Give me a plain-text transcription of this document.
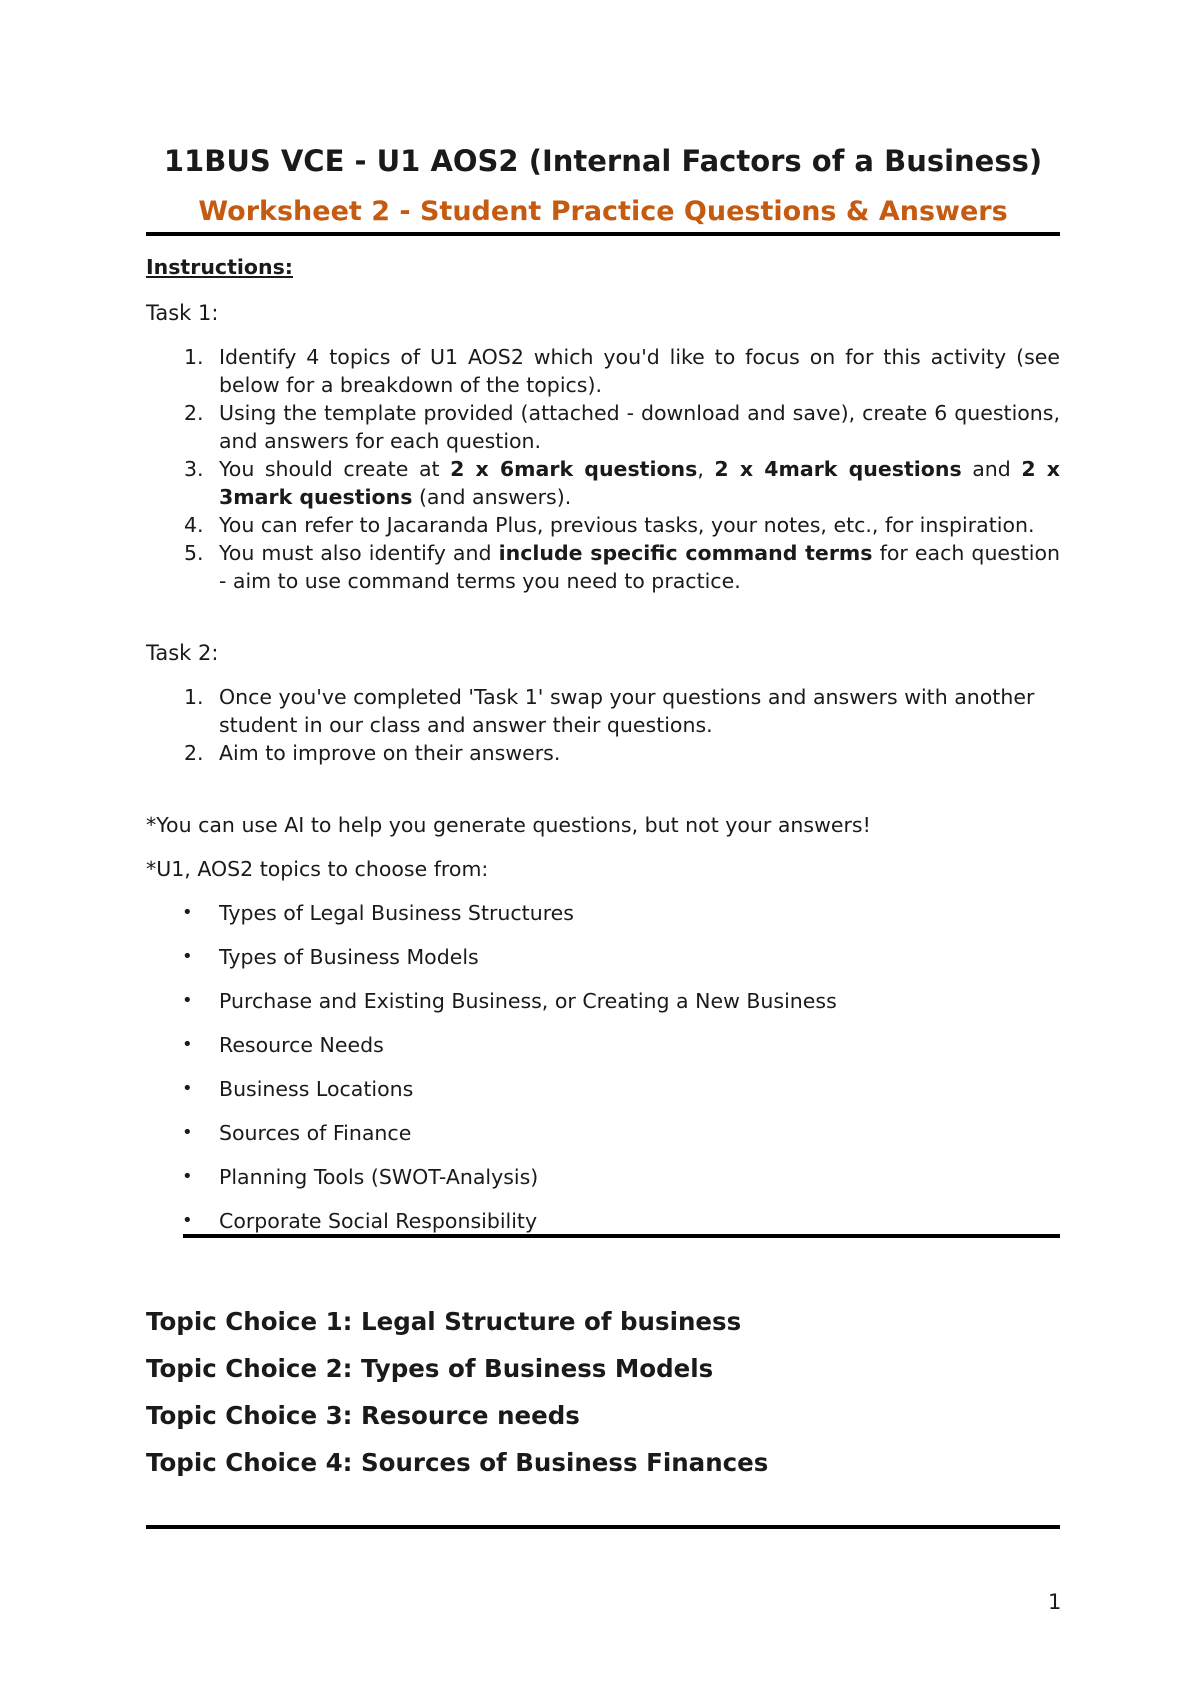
11BUS VCE - U1 AOS2 (Internal Factors of a Business)
Worksheet 2 - Student Practice Questions & Answers
Instructions:
Task 1:
1. Identify 4 topics of U1 AOS2 which you'd like to focus on for this activity (see below for a breakdown of the topics).
2. Using the template provided (attached - download and save), create 6 questions, and answers for each question.
3. You should create at 2 x 6mark questions, 2 x 4mark questions and 2 x 3mark questions (and answers).
4. You can refer to Jacaranda Plus, previous tasks, your notes, etc., for inspiration.
5. You must also identify and include specific command terms for each question - aim to use command terms you need to practice.
Task 2:
1. Once you've completed 'Task 1' swap your questions and answers with another student in our class and answer their questions.
2. Aim to improve on their answers.
*You can use AI to help you generate questions, but not your answers!
*U1, AOS2 topics to choose from:
• Types of Legal Business Structures
• Types of Business Models
• Purchase and Existing Business, or Creating a New Business
• Resource Needs
• Business Locations
• Sources of Finance
• Planning Tools (SWOT-Analysis)
• Corporate Social Responsibility
Topic Choice 1: Legal Structure of business
Topic Choice 2: Types of Business Models
Topic Choice 3: Resource needs
Topic Choice 4: Sources of Business Finances
1
